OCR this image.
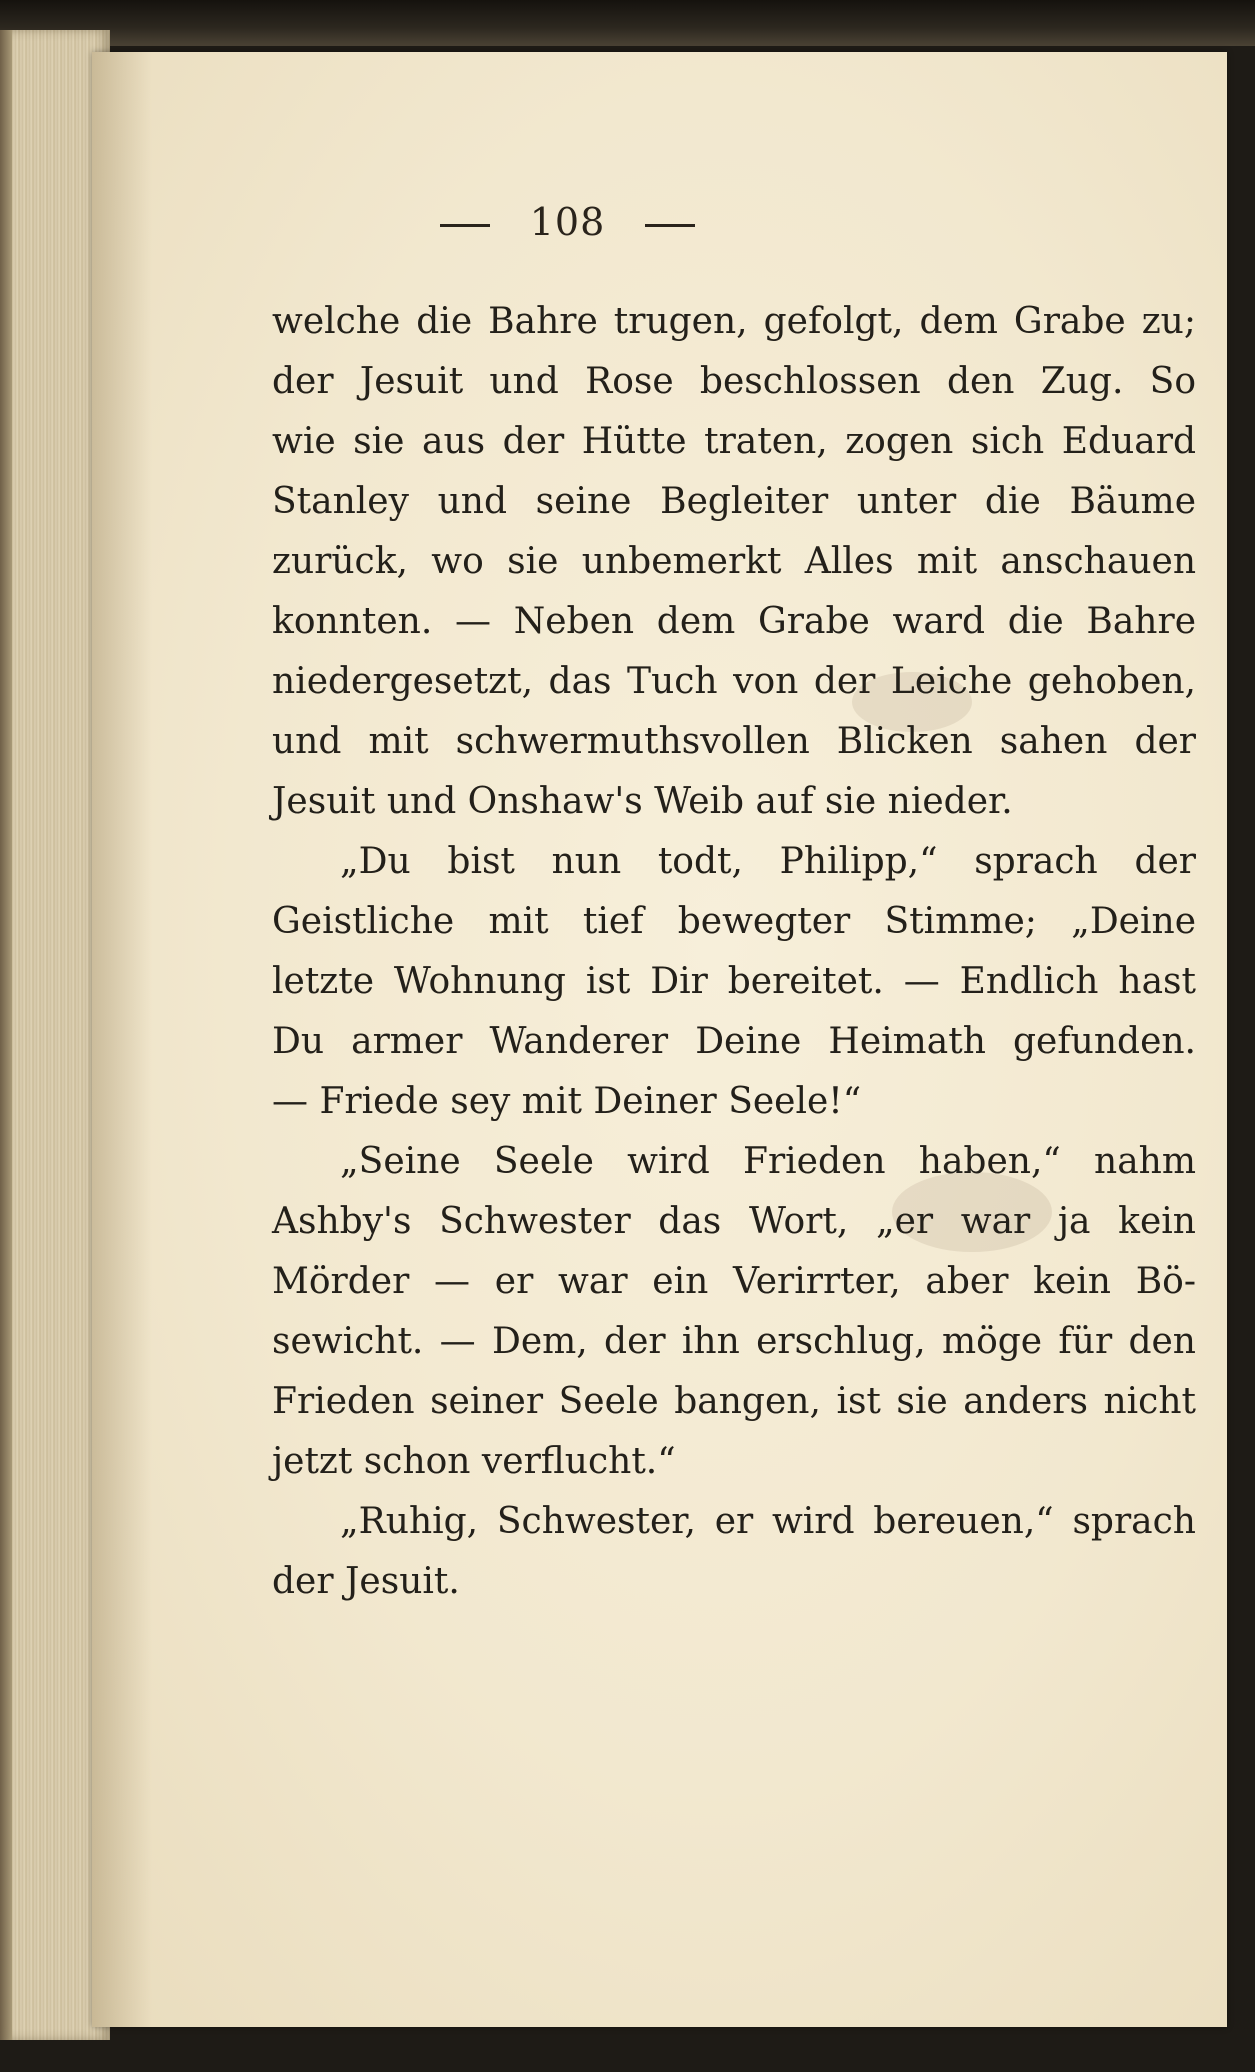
108
welche die Bahre trugen, gefolgt, dem Grabe zu;
der Jesuit und Rose beschlossen den Zug. So
wie sie aus der Hütte traten, zogen sich Eduard
Stanley und seine Begleiter unter die Bäume
zurück, wo sie unbemerkt Alles mit anschauen
konnten. — Neben dem Grabe ward die Bahre
niedergesetzt, das Tuch von der Leiche gehoben,
und mit schwermuthsvollen Blicken sahen der
Jesuit und Onshaw's Weib auf sie nieder.
„Du bist nun todt, Philipp,“ sprach der
Geistliche mit tief bewegter Stimme; „Deine
letzte Wohnung ist Dir bereitet. — Endlich hast
Du armer Wanderer Deine Heimath gefunden.
— Friede sey mit Deiner Seele!“
„Seine Seele wird Frieden haben,“ nahm
Ashby's Schwester das Wort, „er war ja kein
Mörder — er war ein Verirrter, aber kein Bö-
sewicht. — Dem, der ihn erschlug, möge für den
Frieden seiner Seele bangen, ist sie anders nicht
jetzt schon verflucht.“
„Ruhig, Schwester, er wird bereuen,“ sprach
der Jesuit.
